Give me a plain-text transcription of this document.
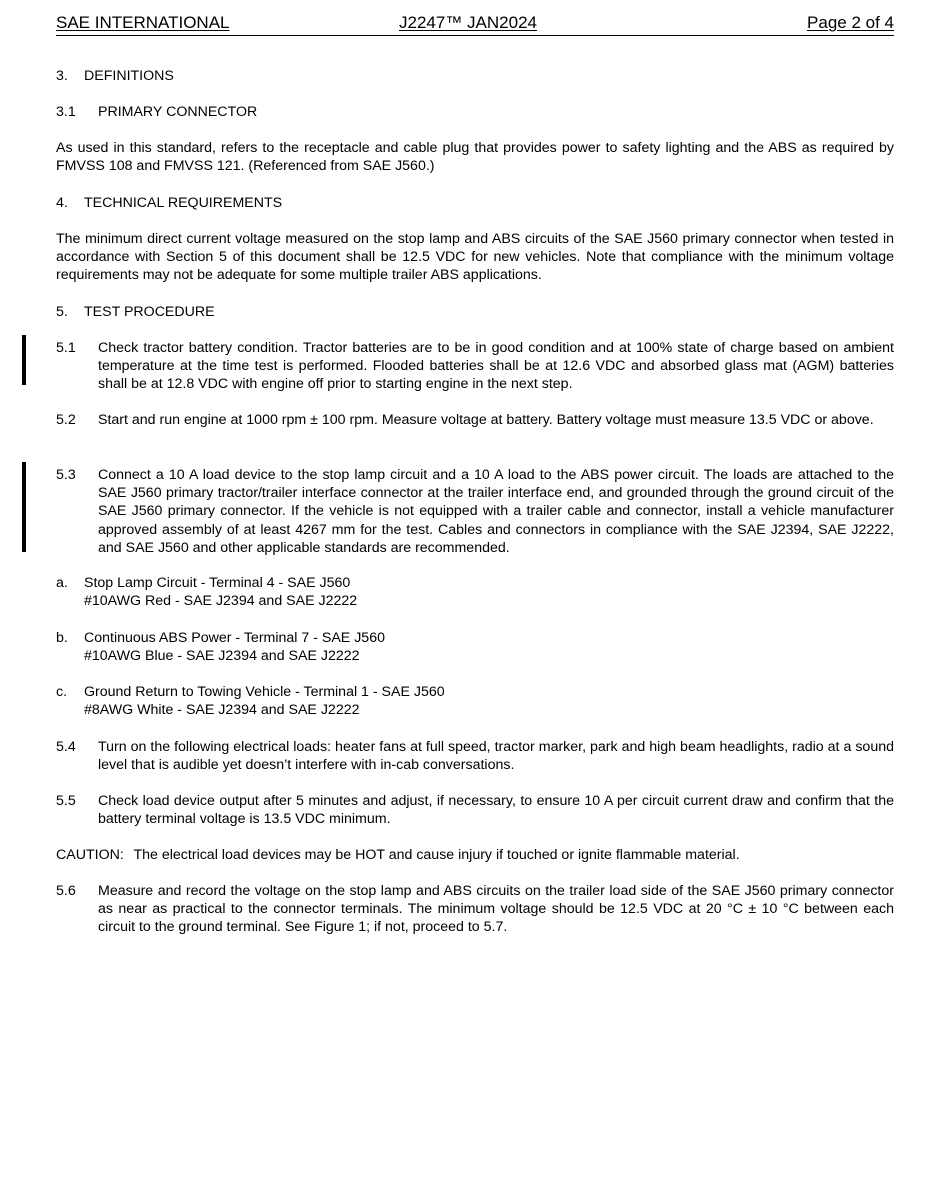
SAE INTERNATIONAL	J2247™ JAN2024	Page 2 of 4
3.	DEFINITIONS
3.1	PRIMARY CONNECTOR
As used in this standard, refers to the receptacle and cable plug that provides power to safety lighting and the ABS as required by FMVSS 108 and FMVSS 121. (Referenced from SAE J560.)
4.	TECHNICAL REQUIREMENTS
The minimum direct current voltage measured on the stop lamp and ABS circuits of the SAE J560 primary connector when tested in accordance with Section 5 of this document shall be 12.5 VDC for new vehicles. Note that compliance with the minimum voltage requirements may not be adequate for some multiple trailer ABS applications.
5.	TEST PROCEDURE
5.1	Check tractor battery condition. Tractor batteries are to be in good condition and at 100% state of charge based on ambient temperature at the time test is performed. Flooded batteries shall be at 12.6 VDC and absorbed glass mat (AGM) batteries shall be at 12.8 VDC with engine off prior to starting engine in the next step.
5.2	Start and run engine at 1000 rpm ± 100 rpm. Measure voltage at battery. Battery voltage must measure 13.5 VDC or above.
5.3	Connect a 10 A load device to the stop lamp circuit and a 10 A load to the ABS power circuit. The loads are attached to the SAE J560 primary tractor/trailer interface connector at the trailer interface end, and grounded through the ground circuit of the SAE J560 primary connector. If the vehicle is not equipped with a trailer cable and connector, install a vehicle manufacturer approved assembly of at least 4267 mm for the test. Cables and connectors in compliance with the SAE J2394, SAE J2222, and SAE J560 and other applicable standards are recommended.
a.	Stop Lamp Circuit - Terminal 4 - SAE J560
#10AWG Red - SAE J2394 and SAE J2222
b.	Continuous ABS Power - Terminal 7 - SAE J560
#10AWG Blue - SAE J2394 and SAE J2222
c.	Ground Return to Towing Vehicle - Terminal 1 - SAE J560
#8AWG White - SAE J2394 and SAE J2222
5.4	Turn on the following electrical loads: heater fans at full speed, tractor marker, park and high beam headlights, radio at a sound level that is audible yet doesn’t interfere with in-cab conversations.
5.5	Check load device output after 5 minutes and adjust, if necessary, to ensure 10 A per circuit current draw and confirm that the battery terminal voltage is 13.5 VDC minimum.
CAUTION: The electrical load devices may be HOT and cause injury if touched or ignite flammable material.
5.6	Measure and record the voltage on the stop lamp and ABS circuits on the trailer load side of the SAE J560 primary connector as near as practical to the connector terminals. The minimum voltage should be 12.5 VDC at 20 °C ± 10 °C between each circuit to the ground terminal. See Figure 1; if not, proceed to 5.7.
